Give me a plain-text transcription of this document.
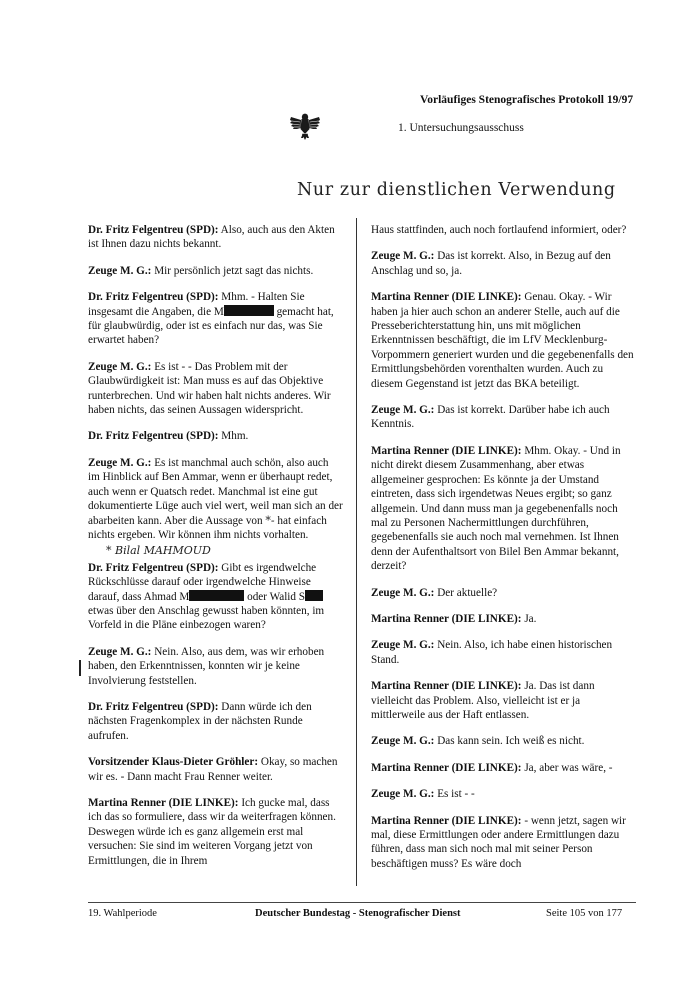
Vorläufiges Stenografisches Protokoll 19/97
1. Untersuchungsausschuss
Nur zur dienstlichen Verwendung

Dr. Fritz Felgentreu (SPD): Also, auch aus den Akten ist Ihnen dazu nichts bekannt.

Zeuge M. G.: Mir persönlich jetzt sagt das nichts.

Dr. Fritz Felgentreu (SPD): Mhm. - Halten Sie insgesamt die Angaben, die M	gemacht hat, für glaubwürdig, oder ist es einfach nur das, was Sie erwartet haben?

Zeuge M. G.: Es ist - - Das Problem mit der Glaubwürdigkeit ist: Man muss es auf das Objektive runterbrechen. Und wir haben halt nichts anderes. Wir haben nichts, das seinen Aussagen widerspricht.

Dr. Fritz Felgentreu (SPD): Mhm.

Zeuge M. G.: Es ist manchmal auch schön, also auch im Hinblick auf Ben Ammar, wenn er überhaupt redet, auch wenn er Quatsch redet. Manchmal ist eine gut dokumentierte Lüge auch viel wert, weil man sich an der abarbeiten kann. Aber die Aussage von *- hat einfach nichts ergeben. Wir können ihm nichts vorhalten.

* Bilal MAHMOUD

Dr. Fritz Felgentreu (SPD): Gibt es irgendwelche Rückschlüsse darauf oder irgendwelche Hinweise darauf, dass Ahmad M	oder Walid S etwas über den Anschlag gewusst haben könnten, im Vorfeld in die Pläne einbezogen waren?

Zeuge M. G.: Nein. Also, aus dem, was wir erhoben haben, den Erkenntnissen, konnten wir je keine Involvierung feststellen.

Dr. Fritz Felgentreu (SPD): Dann würde ich den nächsten Fragenkomplex in der nächsten Runde aufrufen.

Vorsitzender Klaus-Dieter Gröhler: Okay, so machen wir es. - Dann macht Frau Renner weiter.

Martina Renner (DIE LINKE): Ich gucke mal, dass ich das so formuliere, dass wir da weiterfragen können. Deswegen würde ich es ganz allgemein erst mal versuchen: Sie sind im weiteren Vorgang jetzt von Ermittlungen, die in Ihrem

Haus stattfinden, auch noch fortlaufend informiert, oder?

Zeuge M. G.: Das ist korrekt. Also, in Bezug auf den Anschlag und so, ja.

Martina Renner (DIE LINKE): Genau. Okay. - Wir haben ja hier auch schon an anderer Stelle, auch auf die Presseberichterstattung hin, uns mit möglichen Erkenntnissen beschäftigt, die im LfV Mecklenburg-Vorpommern generiert wurden und die gegebenenfalls den Ermittlungsbehörden vorenthalten wurden. Auch zu diesem Gegenstand ist jetzt das BKA beteiligt.

Zeuge M. G.: Das ist korrekt. Darüber habe ich auch Kenntnis.

Martina Renner (DIE LINKE): Mhm. Okay. - Und in nicht direkt diesem Zusammenhang, aber etwas allgemeiner gesprochen: Es könnte ja der Umstand eintreten, dass sich irgendetwas Neues ergibt; so ganz allgemein. Und dann muss man ja gegebenenfalls noch mal zu Personen Nachermittlungen durchführen, gegebenenfalls sie auch noch mal vernehmen. Ist Ihnen denn der Aufenthaltsort von Bilel Ben Ammar bekannt, derzeit?

Zeuge M. G.: Der aktuelle?

Martina Renner (DIE LINKE): Ja.

Zeuge M. G.: Nein. Also, ich habe einen historischen Stand.

Martina Renner (DIE LINKE): Ja. Das ist dann vielleicht das Problem. Also, vielleicht ist er ja mittlerweile aus der Haft entlassen.

Zeuge M. G.: Das kann sein. Ich weiß es nicht.

Martina Renner (DIE LINKE): Ja, aber was wäre, -

Zeuge M. G.: Es ist - -

Martina Renner (DIE LINKE): - wenn jetzt, sagen wir mal, diese Ermittlungen oder andere Ermittlungen dazu führen, dass man sich noch mal mit seiner Person beschäftigen muss? Es wäre doch

19. Wahlperiode	Deutscher Bundestag - Stenografischer Dienst	Seite 105 von 177
